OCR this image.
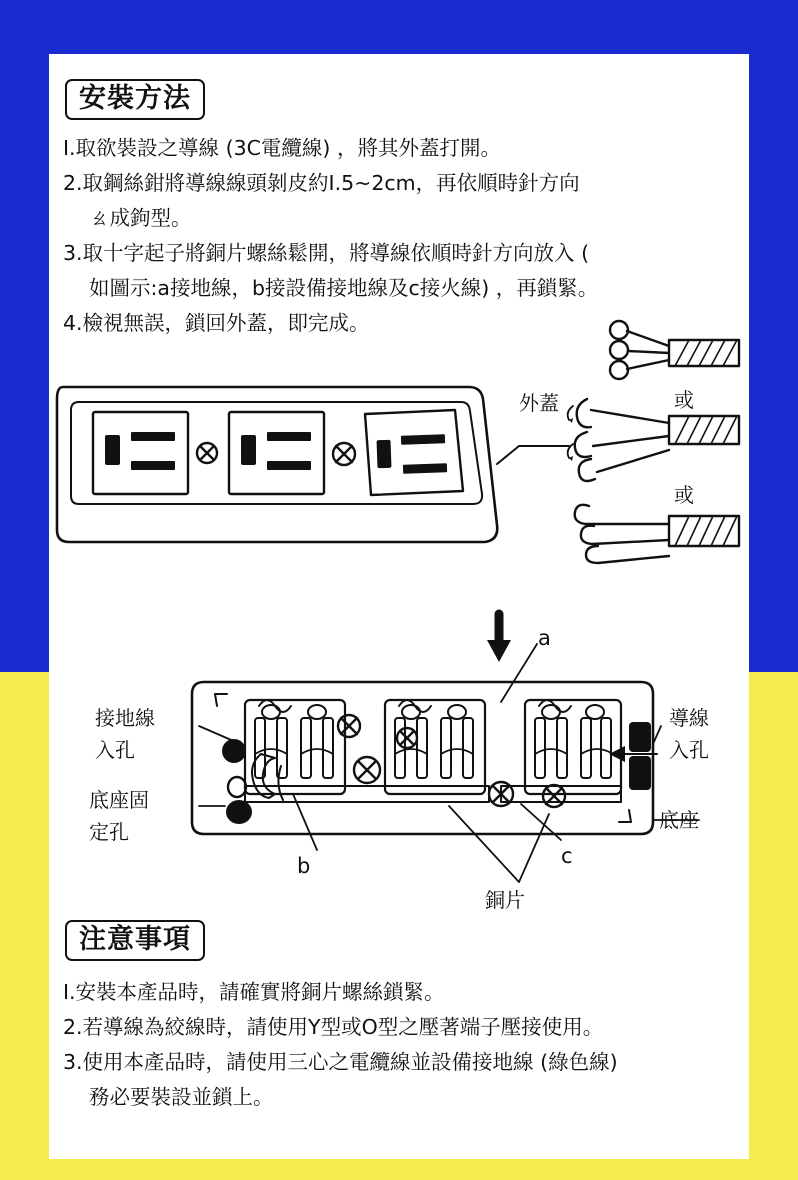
安裝方法
I.取欲裝設之導線 (3C電纜線) ，將其外蓋打開。
2.取鋼絲鉗將導線線頭剝皮約I.5~2cm，再依順時針方向
ㄠ成鉤型。
3.取十字起子將銅片螺絲鬆開，將導線依順時針方向放入 (
如圖示:a接地線，b接設備接地線及c接火線) ，再鎖緊。
4.檢視無誤，鎖回外蓋，即完成。
外蓋	或
或
接地線
入孔
底座固
定孔
導線
入孔
底座
銅片
a
b	c
注意事項
I.安裝本產品時，請確實將銅片螺絲鎖緊。
2.若導線為絞線時，請使用Y型或O型之壓著端子壓接使用。
3.使用本產品時，請使用三心之電纜線並設備接地線 (綠色線)
務必要裝設並鎖上。
